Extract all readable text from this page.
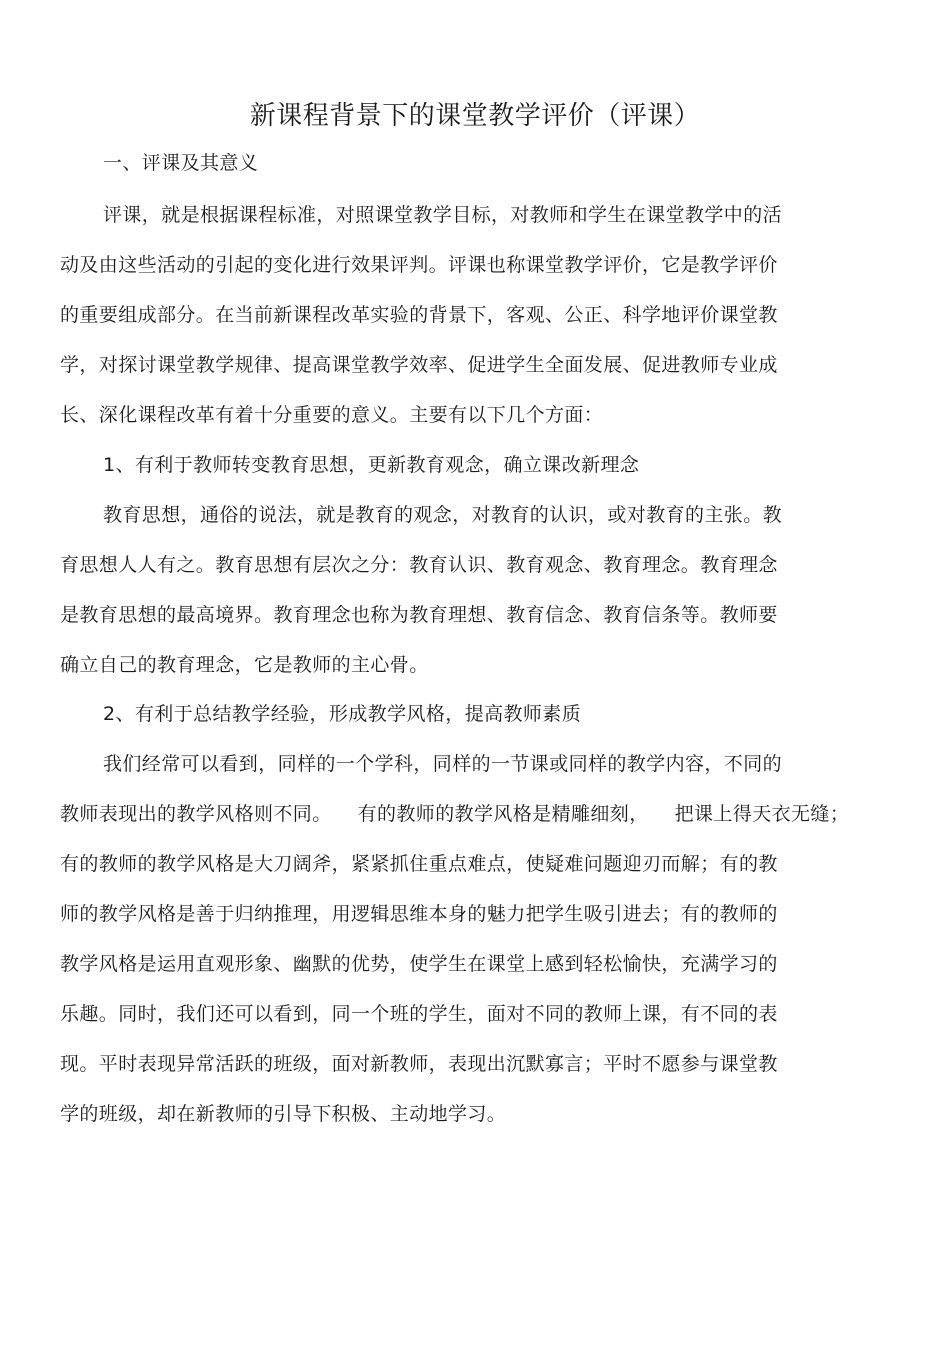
新课程背景下的课堂教学评价（评课）
一、评课及其意义
评课，就是根据课程标准，对照课堂教学目标，对教师和学生在课堂教学中的活
动及由这些活动的引起的变化进行效果评判。评课也称课堂教学评价，它是教学评价
的重要组成部分。在当前新课程改革实验的背景下，客观、公正、科学地评价课堂教
学，对探讨课堂教学规律、提高课堂教学效率、促进学生全面发展、促进教师专业成
长、深化课程改革有着十分重要的意义。主要有以下几个方面：
1、有利于教师转变教育思想，更新教育观念，确立课改新理念
教育思想，通俗的说法，就是教育的观念，对教育的认识，或对教育的主张。教
育思想人人有之。教育思想有层次之分：教育认识、教育观念、教育理念。教育理念
是教育思想的最高境界。教育理念也称为教育理想、教育信念、教育信条等。教师要
确立自己的教育理念，它是教师的主心骨。
2、有利于总结教学经验，形成教学风格，提高教师素质
我们经常可以看到，同样的一个学科，同样的一节课或同样的教学内容，不同的
教师表现出的教学风格则不同。 有的教师的教学风格是精雕细刻， 把课上得天衣无缝；
有的教师的教学风格是大刀阔斧，紧紧抓住重点难点，使疑难问题迎刃而解；有的教
师的教学风格是善于归纳推理，用逻辑思维本身的魅力把学生吸引进去；有的教师的
教学风格是运用直观形象、幽默的优势，使学生在课堂上感到轻松愉快，充满学习的
乐趣。同时，我们还可以看到，同一个班的学生，面对不同的教师上课，有不同的表
现。平时表现异常活跃的班级，面对新教师，表现出沉默寡言；平时不愿参与课堂教
学的班级，却在新教师的引导下积极、主动地学习。
